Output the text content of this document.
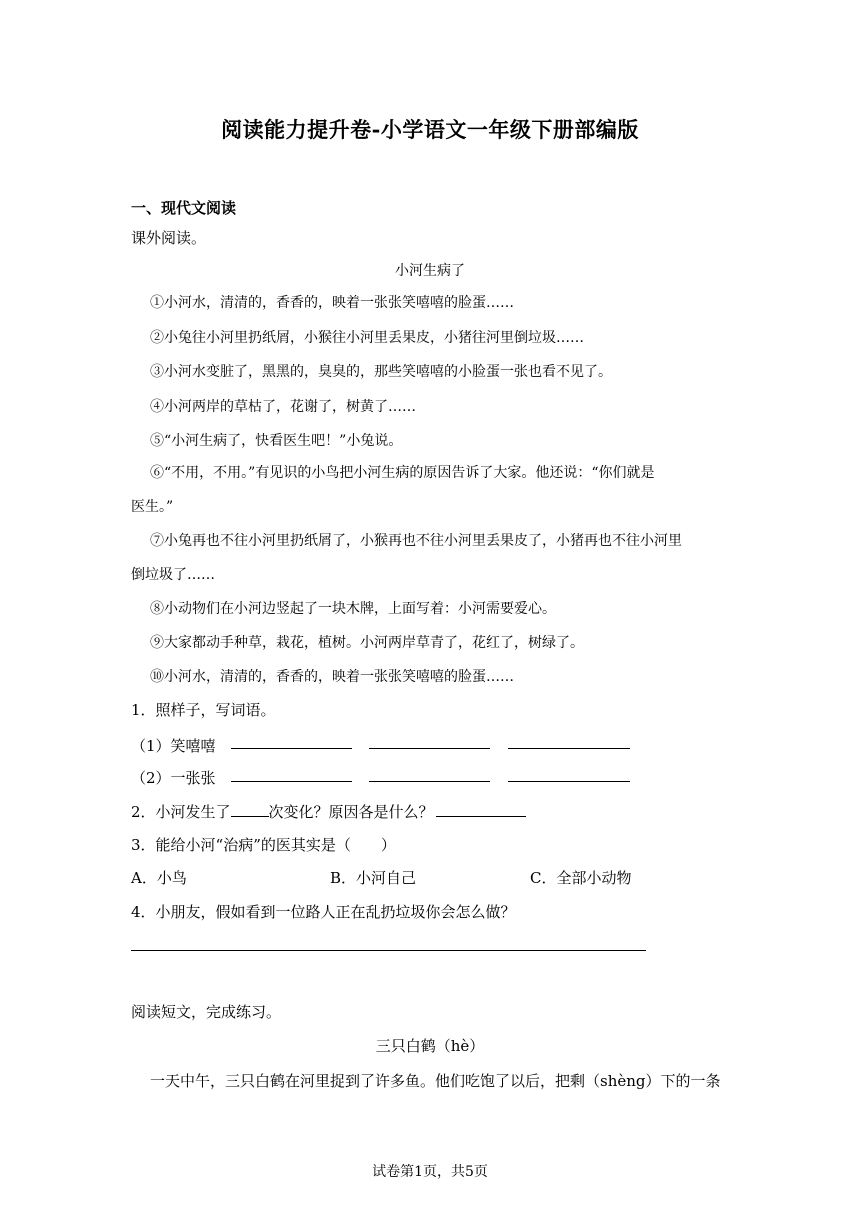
阅读能力提升卷-小学语文一年级下册部编版
一、现代文阅读
课外阅读。
小河生病了
①小河水，清清的，香香的，映着一张张笑嘻嘻的脸蛋……
②小兔往小河里扔纸屑，小猴往小河里丢果皮，小猪往河里倒垃圾……
③小河水变脏了，黑黑的，臭臭的，那些笑嘻嘻的小脸蛋一张也看不见了。
④小河两岸的草枯了，花谢了，树黄了……
⑤“小河生病了，快看医生吧！”小兔说。
⑥“不用，不用。”有见识的小鸟把小河生病的原因告诉了大家。他还说：“你们就是
医生。”
⑦小兔再也不往小河里扔纸屑了，小猴再也不往小河里丢果皮了，小猪再也不往小河里
倒垃圾了……
⑧小动物们在小河边竖起了一块木牌，上面写着：小河需要爱心。
⑨大家都动手种草，栽花，植树。小河两岸草青了，花红了，树绿了。
⑩小河水，清清的，香香的，映着一张张笑嘻嘻的脸蛋……
1．照样子，写词语。
（1）笑嘻嘻
（2）一张张
2．小河发生了	次变化？原因各是什么？
3．能给小河“治病”的医其实是（　　）
A．小鸟	B．小河自己	C．全部小动物
4．小朋友，假如看到一位路人正在乱扔垃圾你会怎么做？
阅读短文，完成练习。
三只白鹤（hè）
一天中午，三只白鹤在河里捉到了许多鱼。他们吃饱了以后，把剩（shèng）下的一条
试卷第1页，共5页
